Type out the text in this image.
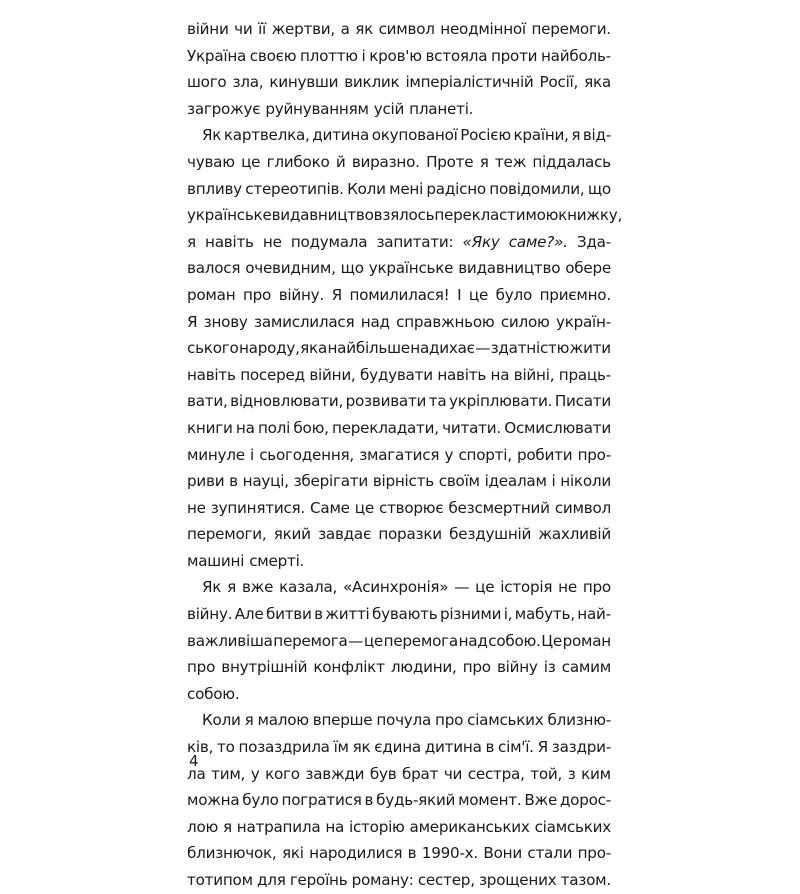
війни чи її жертви, а як символ неодмінної перемоги.
Україна своєю плоттю і кров'ю встояла проти найболь-
шого зла, кинувши виклик імперіалістичній Росії, яка
загрожує руйнуванням усій планеті.
Як картвелка, дитина окупованої Росією країни, я від-
чуваю це глибоко й виразно. Проте я теж піддалась
впливу стереотипів. Коли мені радісно повідомили, що
українське видавництво взялось перекласти мою книжку,
я навіть не подумала запитати: «Яку саме?». Зда-
валося очевидним, що українське видавництво обере
роман про війну. Я помилилася! І це було приємно.
Я знову замислилася над справжньою силою україн-
ського народу, яка найбільше надихає — здатністю жити
навіть посеред війни, будувати навіть на війні, праць-
вати, відновлювати, розвивати та укріплювати. Писати
книги на полі бою, перекладати, читати. Осмислювати
минуле і сьогодення, змагатися у спорті, робити про-
риви в науці, зберігати вірність своїм ідеалам і ніколи
не зупинятися. Саме це створює безсмертний символ
перемоги, який завдає поразки бездушній жахливій
машині смерті.
Як я вже казала, «Асинхронія» — це історія не про
війну. Але битви в житті бувають різними і, мабуть, най-
важливіша перемога — це перемога над собою. Це роман
про внутрішній конфлікт людини, про війну із самим
собою.
Коли я малою вперше почула про сіамських близню-
ків, то позаздрила їм як єдина дитина в сім'ї. Я заздри-
ла тим, у кого завжди був брат чи сестра, той, з ким
можна було погратися в будь-який момент. Вже дорос-
лою я натрапила на історію американських сіамських
близнючок, які народилися в 1990-х. Вони стали про-
тотипом для героїнь роману: сестер, зрощених тазом.
4
